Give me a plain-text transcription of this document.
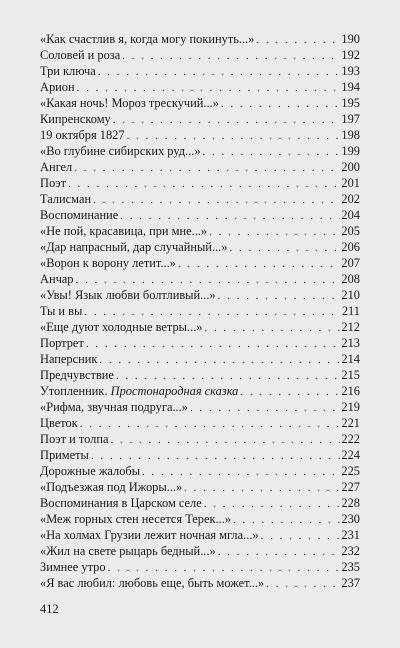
«Как счастлив я, когда могу покинуть...» . . .	190
Соловей и роза . . .	192
Три ключа . . .	193
Арион . . .	194
«Какая ночь! Мороз трескучий...» . . .	195
Кипренскому . . .	197
19 октября 1827 . . .	198
«Во глубине сибирских руд...» . . .	199
Ангел . . .	200
Поэт . . .	201
Талисман . . .	202
Воспоминание . . .	204
«Не пой, красавица, при мне...» . . .	205
«Дар напрасный, дар случайный...» . . .	206
«Ворон к ворону летит...» . . .	207
Анчар . . .	208
«Увы! Язык любви болтливый...» . . .	210
Ты и вы . . .	211
«Еще дуют холодные ветры...» . . .	212
Портрет . . .	213
Наперсник . . .	214
Предчувствие . . .	215
Утопленник. Простонародная сказка . . .	216
«Рифма, звучная подруга...» . . .	219
Цветок . . .	221
Поэт и толпа . . .	222
Приметы . . .	224
Дорожные жалобы . . .	225
«Подъезжая под Ижоры...» . . .	227
Воспоминания в Царском селе . . .	228
«Меж горных стен несется Терек...» . . .	230
«На холмах Грузии лежит ночная мгла...» . . .	231
«Жил на свете рыцарь бедный...» . . .	232
Зимнее утро . . .	235
«Я вас любил: любовь еще, быть может...» . . .	237
412
